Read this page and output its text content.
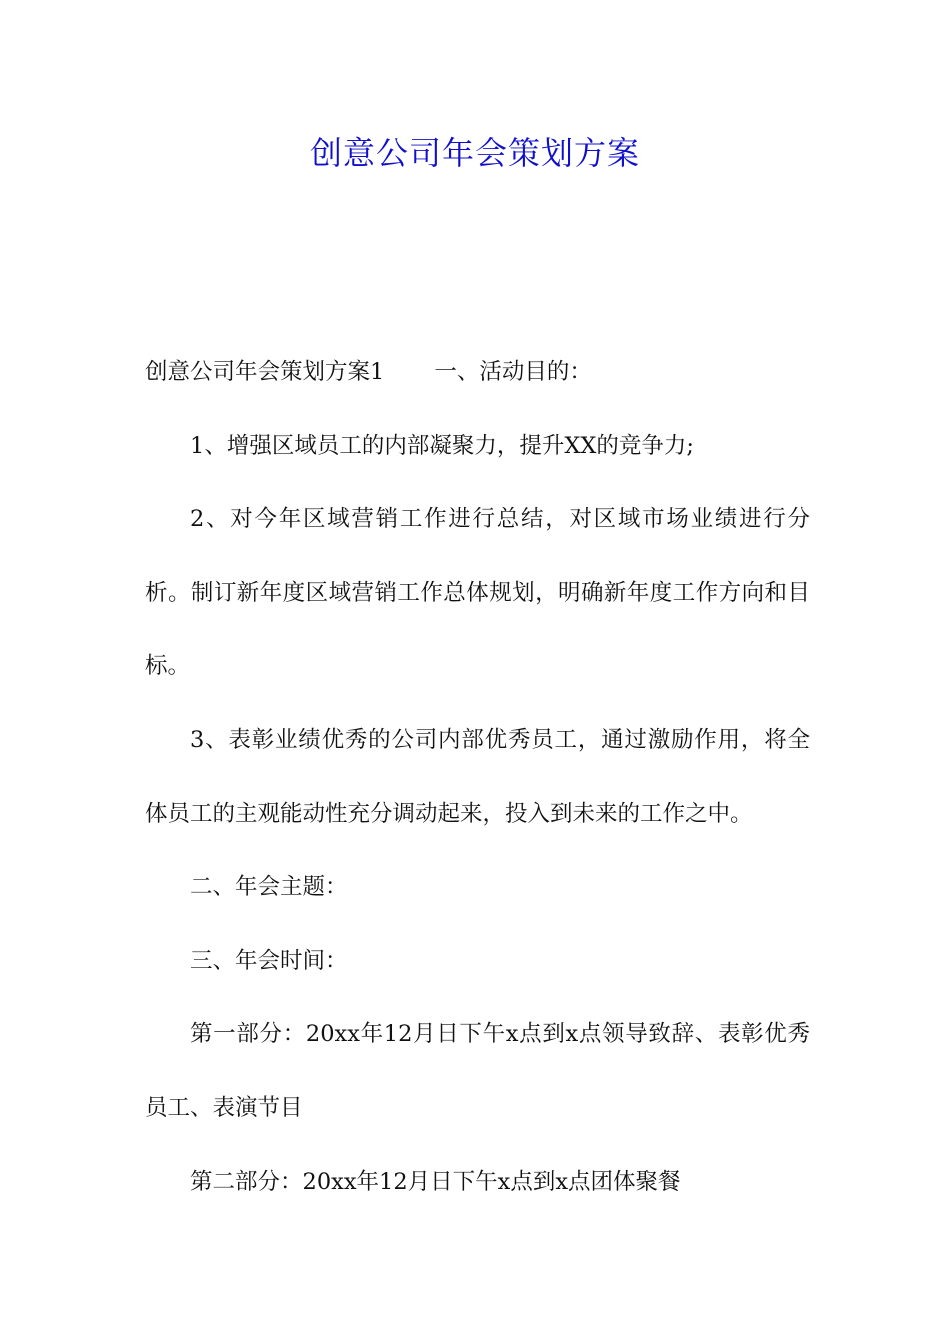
创意公司年会策划方案

创意公司年会策划方案1 一、活动目的：

1、增强区域员工的内部凝聚力，提升XX的竞争力;

2、对今年区域营销工作进行总结，对区域市场业绩进行分析。制订新年度区域营销工作总体规划，明确新年度工作方向和目标。

3、表彰业绩优秀的公司内部优秀员工，通过激励作用，将全体员工的主观能动性充分调动起来，投入到未来的工作之中。

二、年会主题：

三、年会时间：

第一部分：20xx年12月日下午x点到x点领导致辞、表彰优秀员工、表演节目

第二部分：20xx年12月日下午x点到x点团体聚餐
